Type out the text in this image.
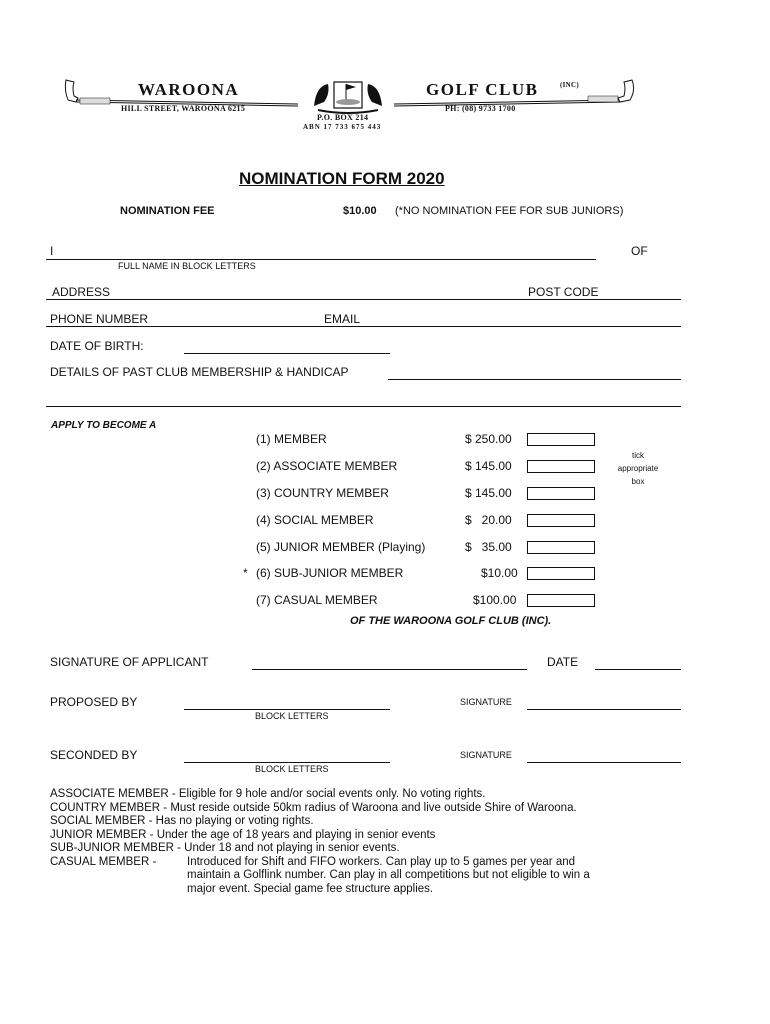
WAROONA	GOLF CLUB	(INC)
HILL STREET, WAROONA 6215	PH: (08) 9733 1700
P.O. BOX 214
ABN 17 733 675 443
NOMINATION FORM 2020
NOMINATION FEE	$10.00 (*NO NOMINATION FEE FOR SUB JUNIORS)
I	OF
FULL NAME IN BLOCK LETTERS
ADDRESS	POST CODE
PHONE NUMBER	EMAIL
DATE OF BIRTH:
DETAILS OF PAST CLUB MEMBERSHIP & HANDICAP
APPLY TO BECOME A
(1) MEMBER	$ 250.00
(2) ASSOCIATE MEMBER	$ 145.00
(3) COUNTRY MEMBER	$ 145.00
(4) SOCIAL MEMBER	$   20.00
(5) JUNIOR MEMBER (Playing)	$   35.00
* (6) SUB-JUNIOR MEMBER	$10.00
(7) CASUAL MEMBER	$100.00
tick
appropriate
box
OF THE WAROONA GOLF CLUB (INC).
SIGNATURE OF APPLICANT	DATE
PROPOSED BY
BLOCK LETTERS
SIGNATURE
SECONDED BY
BLOCK LETTERS
SIGNATURE
ASSOCIATE MEMBER - Eligible for 9 hole and/or social events only. No voting rights.
COUNTRY MEMBER - Must reside outside 50km radius of Waroona and live outside Shire of Waroona.
SOCIAL MEMBER - Has no playing or voting rights.
JUNIOR MEMBER - Under the age of 18 years and playing in senior events
SUB-JUNIOR MEMBER - Under 18 and not playing in senior events.
CASUAL MEMBER -	Introduced for Shift and FIFO workers. Can play up to 5 games per year and
maintain a Golflink number. Can play in all competitions but not eligible to win a
major event. Special game fee structure applies.
